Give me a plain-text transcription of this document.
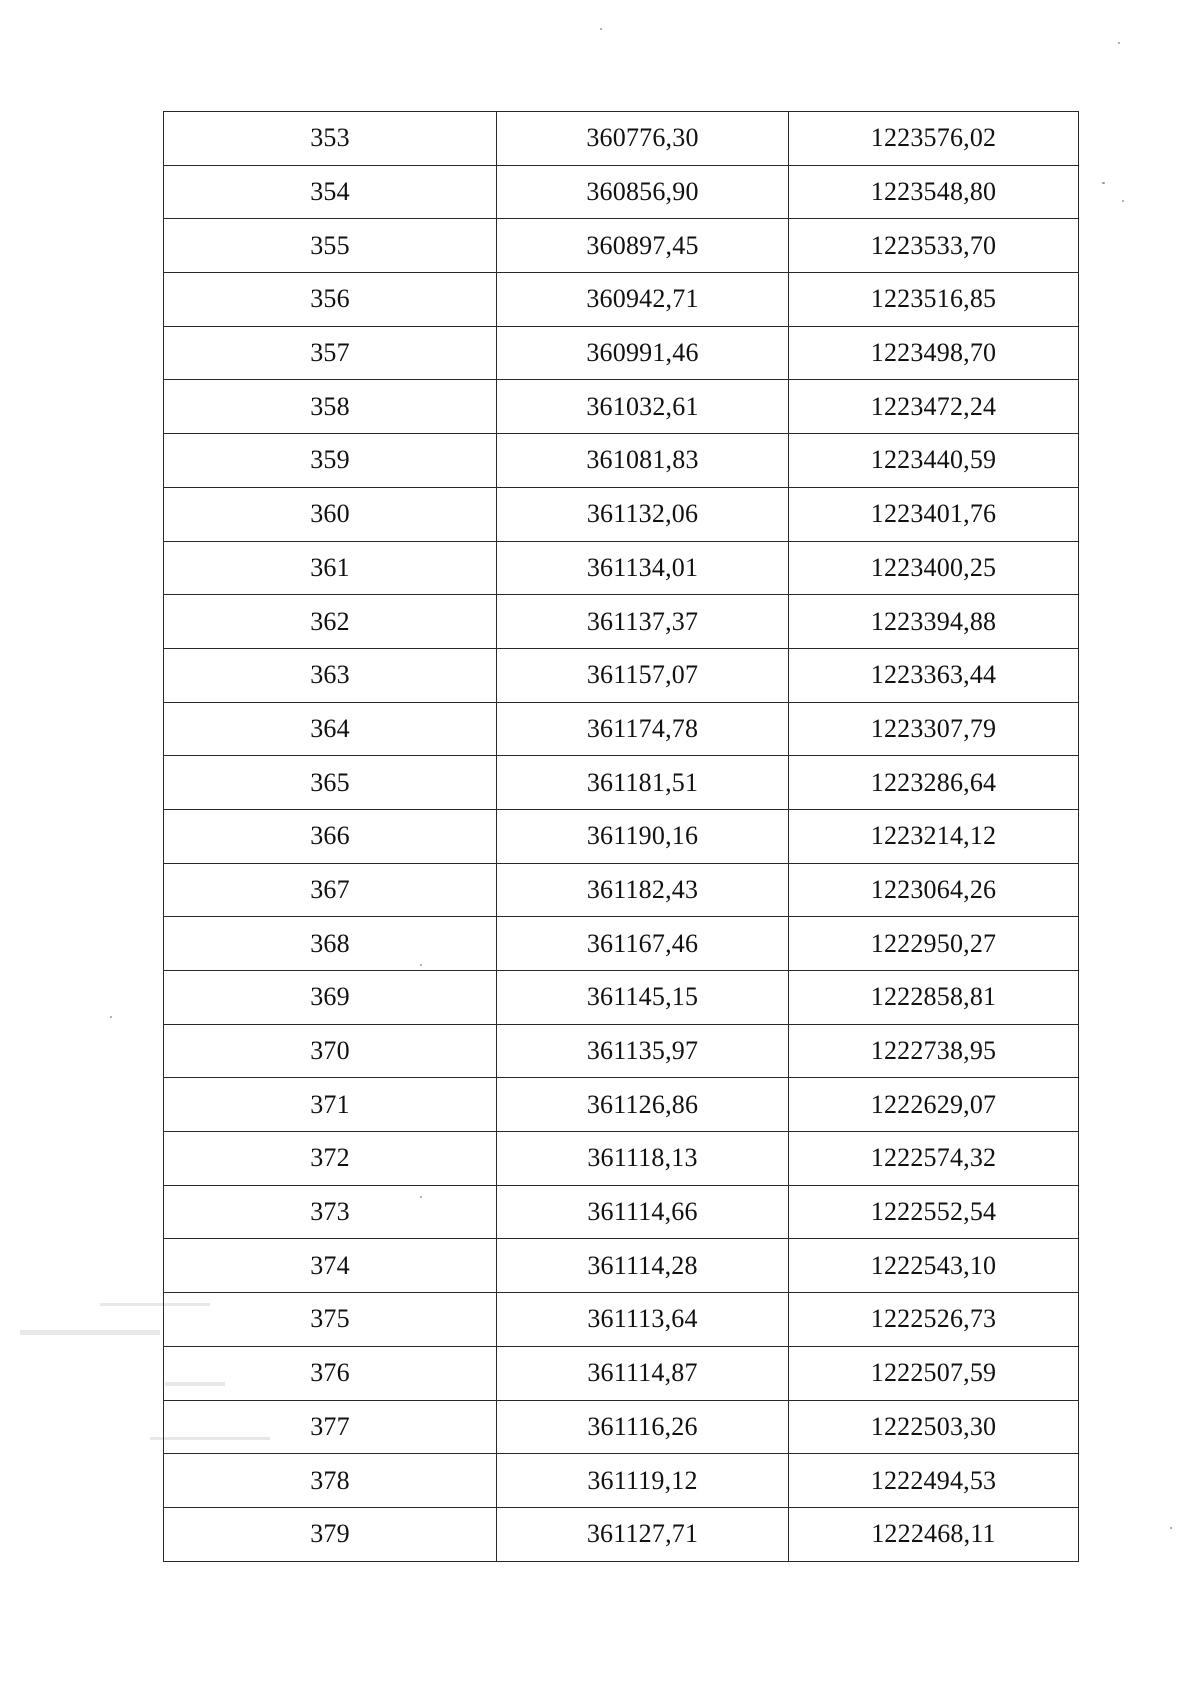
353	360776,30	1223576,02
354	360856,90	1223548,80
355	360897,45	1223533,70
356	360942,71	1223516,85
357	360991,46	1223498,70
358	361032,61	1223472,24
359	361081,83	1223440,59
360	361132,06	1223401,76
361	361134,01	1223400,25
362	361137,37	1223394,88
363	361157,07	1223363,44
364	361174,78	1223307,79
365	361181,51	1223286,64
366	361190,16	1223214,12
367	361182,43	1223064,26
368	361167,46	1222950,27
369	361145,15	1222858,81
370	361135,97	1222738,95
371	361126,86	1222629,07
372	361118,13	1222574,32
373	361114,66	1222552,54
374	361114,28	1222543,10
375	361113,64	1222526,73
376	361114,87	1222507,59
377	361116,26	1222503,30
378	361119,12	1222494,53
379	361127,71	1222468,11
